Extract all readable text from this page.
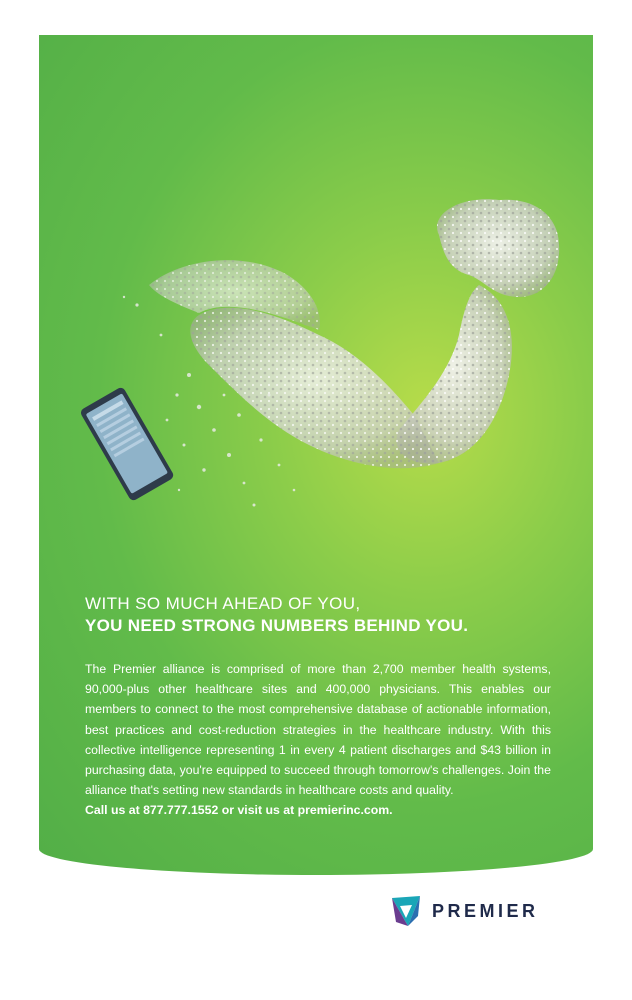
WITH SO MUCH AHEAD OF YOU,
YOU NEED STRONG NUMBERS BEHIND YOU.

The Premier alliance is comprised of more than 2,700 member health systems, 90,000-plus other healthcare sites and 400,000 physicians. This enables our members to connect to the most comprehensive database of actionable information, best practices and cost-reduction strategies in the healthcare industry. With this collective intelligence representing 1 in every 4 patient discharges and $43 billion in purchasing data, you're equipped to succeed through tomorrow's challenges. Join the alliance that's setting new standards in healthcare costs and quality.

Call us at 877.777.1552 or visit us at premierinc.com.
PREMIER
